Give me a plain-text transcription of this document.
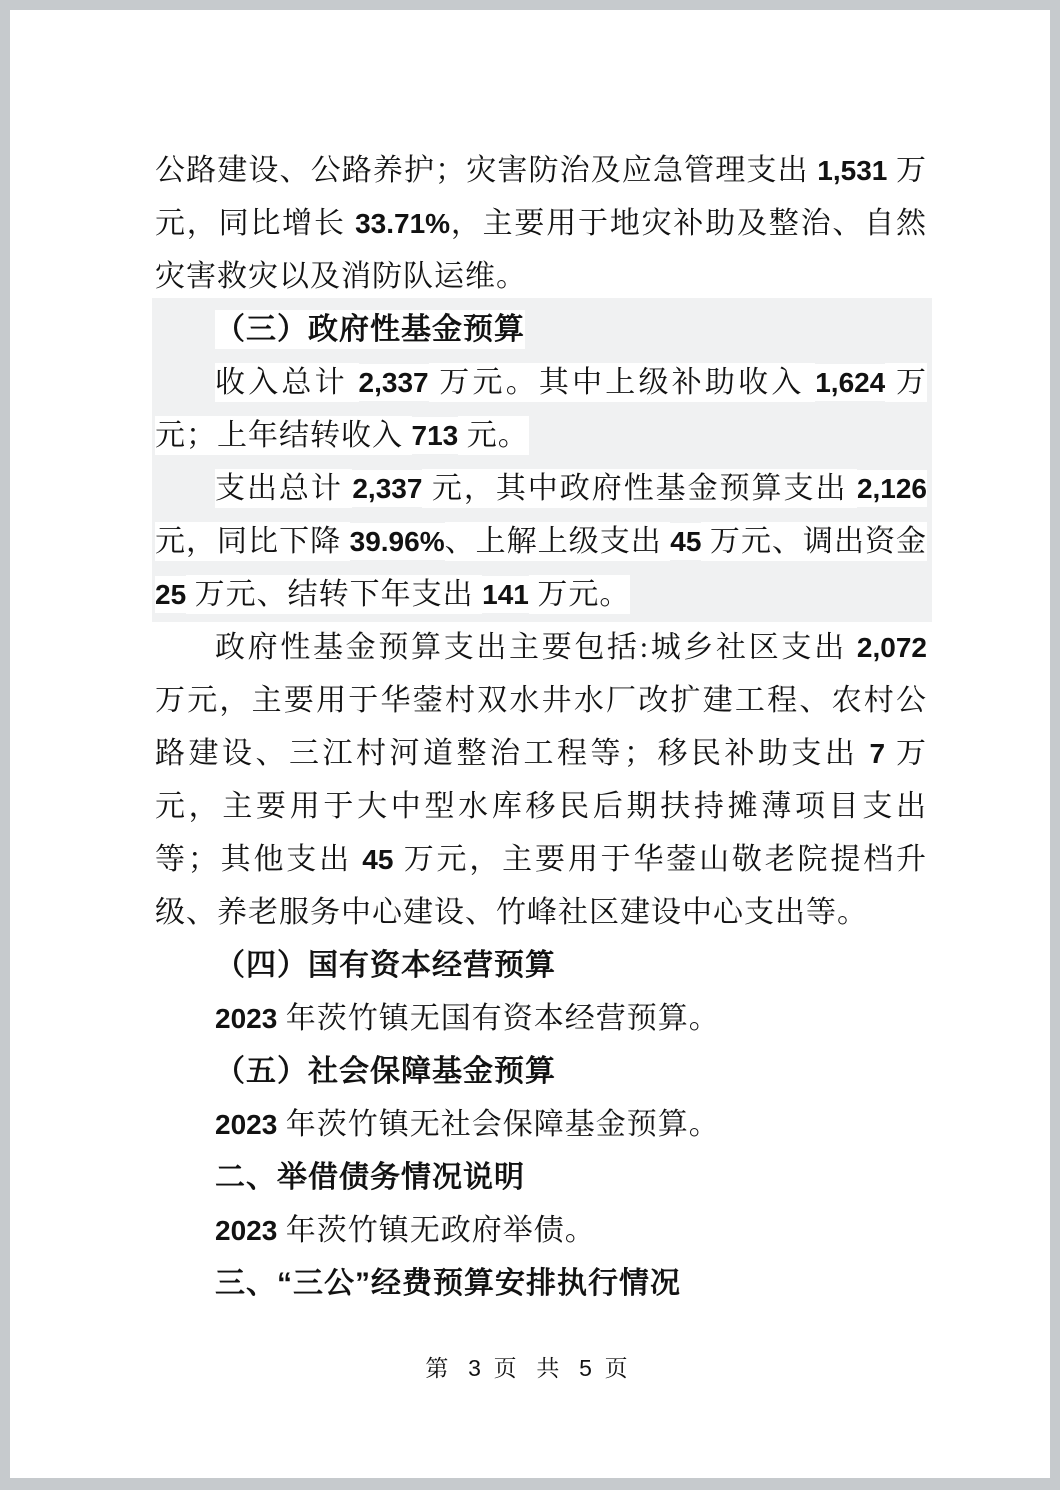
公路建设、公路养护；灾害防治及应急管理支出 1,531 万元，同比增长 33.71%，主要用于地灾补助及整治、自然灾害救灾以及消防队运维。

（三）政府性基金预算

收入总计 2,337 万元。其中上级补助收入 1,624 万元；上年结转收入 713 元。

支出总计 2,337 元，其中政府性基金预算支出 2,126 元，同比下降 39.96%、上解上级支出 45 万元、调出资金 25 万元、结转下年支出 141 万元。

政府性基金预算支出主要包括:城乡社区支出 2,072 万元，主要用于华蓥村双水井水厂改扩建工程、农村公路建设、三江村河道整治工程等；移民补助支出 7 万元，主要用于大中型水库移民后期扶持摊薄项目支出等；其他支出 45 万元，主要用于华蓥山敬老院提档升级、养老服务中心建设、竹峰社区建设中心支出等。

（四）国有资本经营预算

2023 年茨竹镇无国有资本经营预算。

（五）社会保障基金预算

2023 年茨竹镇无社会保障基金预算。

二、举借债务情况说明

2023 年茨竹镇无政府举债。

三、“三公”经费预算安排执行情况

第 3 页 共 5 页
